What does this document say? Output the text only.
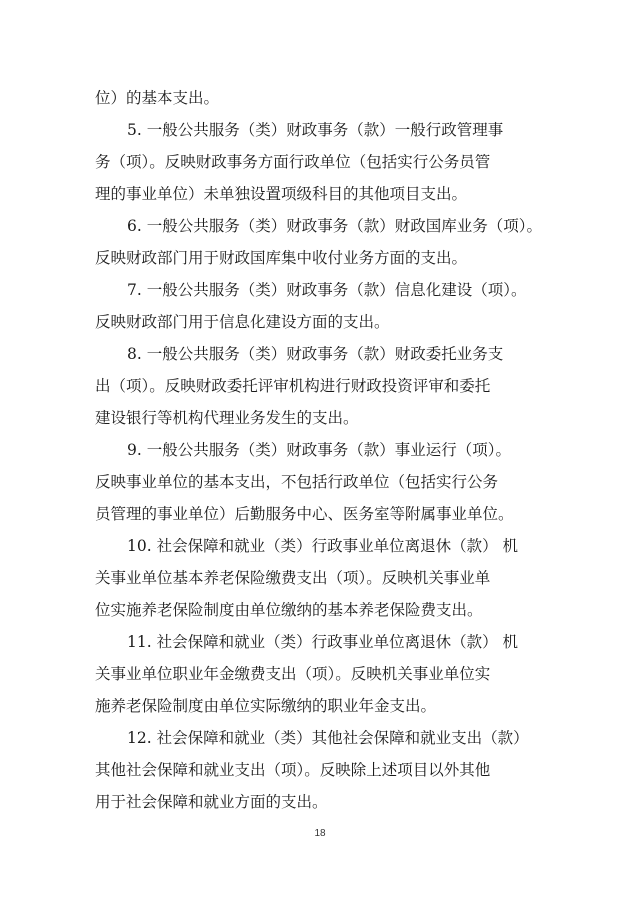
位）的基本支出。

5. 一般公共服务（类）财政事务（款）一般行政管理事
务（项）。反映财政事务方面行政单位（包括实行公务员管
理的事业单位）未单独设置项级科目的其他项目支出。

6. 一般公共服务（类）财政事务（款）财政国库业务（项）。
反映财政部门用于财政国库集中收付业务方面的支出。

7. 一般公共服务（类）财政事务（款）信息化建设（项）。
反映财政部门用于信息化建设方面的支出。

8. 一般公共服务（类）财政事务（款）财政委托业务支
出（项）。反映财政委托评审机构进行财政投资评审和委托
建设银行等机构代理业务发生的支出。

9. 一般公共服务（类）财政事务（款）事业运行（项）。
反映事业单位的基本支出，不包括行政单位（包括实行公务
员管理的事业单位）后勤服务中心、医务室等附属事业单位。

10. 社会保障和就业（类）行政事业单位离退休（款） 机
关事业单位基本养老保险缴费支出（项）。反映机关事业单
位实施养老保险制度由单位缴纳的基本养老保险费支出。

11. 社会保障和就业（类）行政事业单位离退休（款） 机
关事业单位职业年金缴费支出（项）。反映机关事业单位实
施养老保险制度由单位实际缴纳的职业年金支出。

12. 社会保障和就业（类）其他社会保障和就业支出（款）
其他社会保障和就业支出（项）。反映除上述项目以外其他
用于社会保障和就业方面的支出。

18
